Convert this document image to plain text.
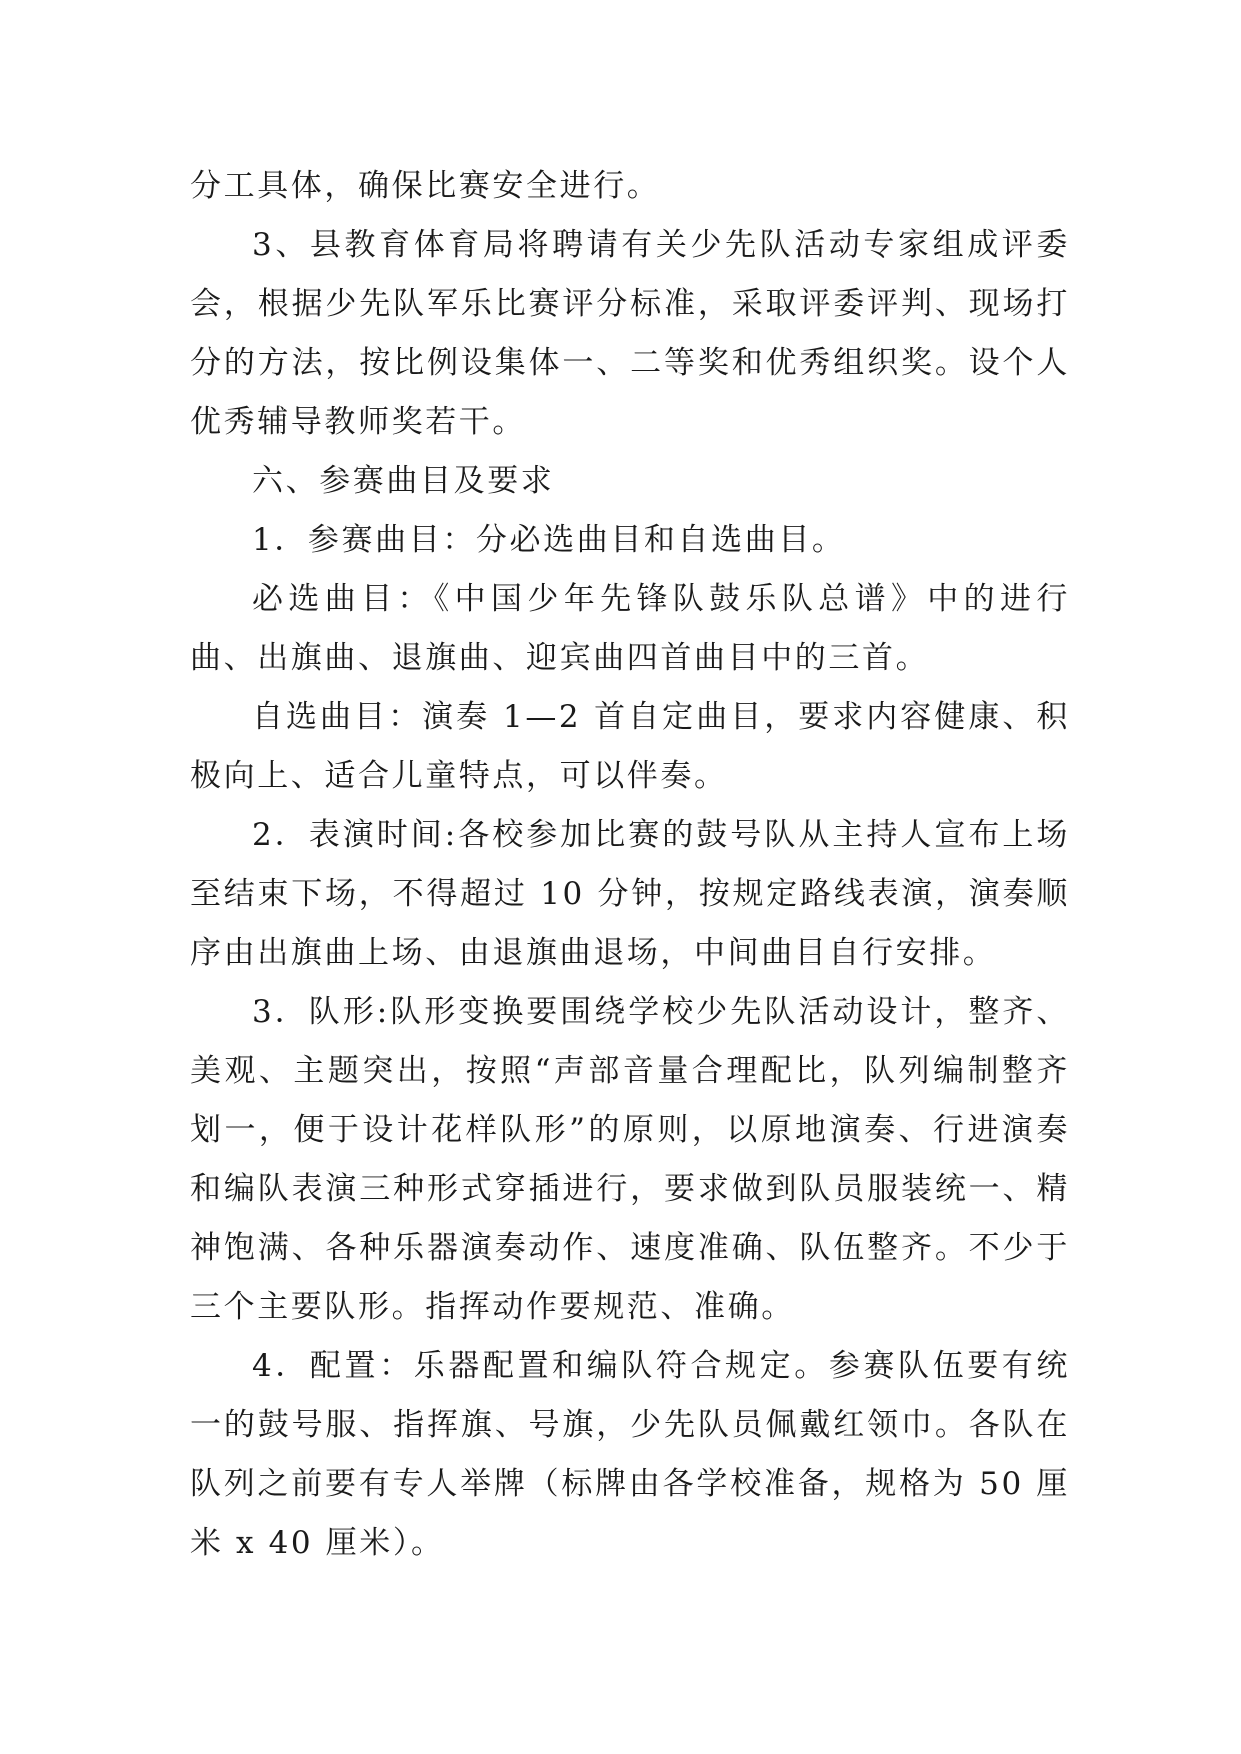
分工具体，确保比赛安全进行。

3、县教育体育局将聘请有关少先队活动专家组成评委会，根据少先队军乐比赛评分标准，采取评委评判、现场打分的方法，按比例设集体一、二等奖和优秀组织奖。设个人优秀辅导教师奖若干。

六、参赛曲目及要求

1．参赛曲目：分必选曲目和自选曲目。

必选曲目：《中国少年先锋队鼓乐队总谱》中的进行曲、出旗曲、退旗曲、迎宾曲四首曲目中的三首。

自选曲目：演奏 1—2 首自定曲目，要求内容健康、积极向上、适合儿童特点，可以伴奏。

2．表演时间:各校参加比赛的鼓号队从主持人宣布上场至结束下场，不得超过 10 分钟，按规定路线表演，演奏顺序由出旗曲上场、由退旗曲退场，中间曲目自行安排。

3．队形:队形变换要围绕学校少先队活动设计，整齐、美观、主题突出，按照“声部音量合理配比，队列编制整齐划一，便于设计花样队形”的原则，以原地演奏、行进演奏和编队表演三种形式穿插进行，要求做到队员服装统一、精神饱满、各种乐器演奏动作、速度准确、队伍整齐。不少于三个主要队形。指挥动作要规范、准确。

4．配置：乐器配置和编队符合规定。参赛队伍要有统一的鼓号服、指挥旗、号旗，少先队员佩戴红领巾。各队在队列之前要有专人举牌（标牌由各学校准备，规格为 50 厘米 x 40 厘米）。
